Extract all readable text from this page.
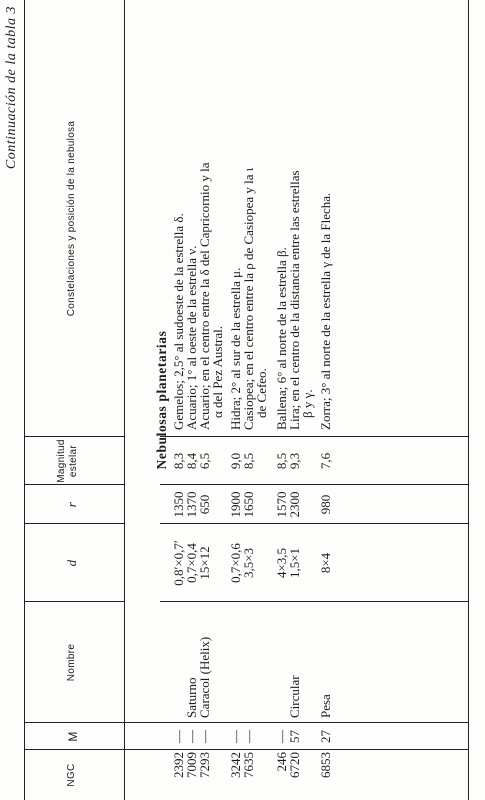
Continuación de la tabla 3
NGC
M
Nombre
d
r
Magnitud estelar
Constelaciones y posición de la nebulosa
Nebulosas planetarias
2392
—
0,8′×0,7′
1350
8,3
Gemelos; 2,5° al sudoeste de la estrella δ.
7009
—
Saturno
0,7×0,4
1370
8,4
Acuario; 1° al oeste de la estrella ν.
7293
—
Caracol (Helix)
15×12
650
6,5
Acuario; en el centro entre la δ del Capricornio y la
α del Pez Austral.
3242
—
0,7×0,6
1900
9,0
Hidra; 2° al sur de la estrella μ.
7635
—
3,5×3
1650
8,5
Casiopea; en el centro entre la ρ de Casiopea y la ι
de Cefeo.
246
—
4×3,5
1570
8,5
Ballena; 6° al norte de la estrella β.
6720
57
Circular
1,5×1
2300
9,3
Lira; en el centro de la distancia entre las estrellas
β y γ.
6853
27
Pesa
8×4
980
7,6
Zorra; 3° al norte de la estrella γ de la Flecha.
